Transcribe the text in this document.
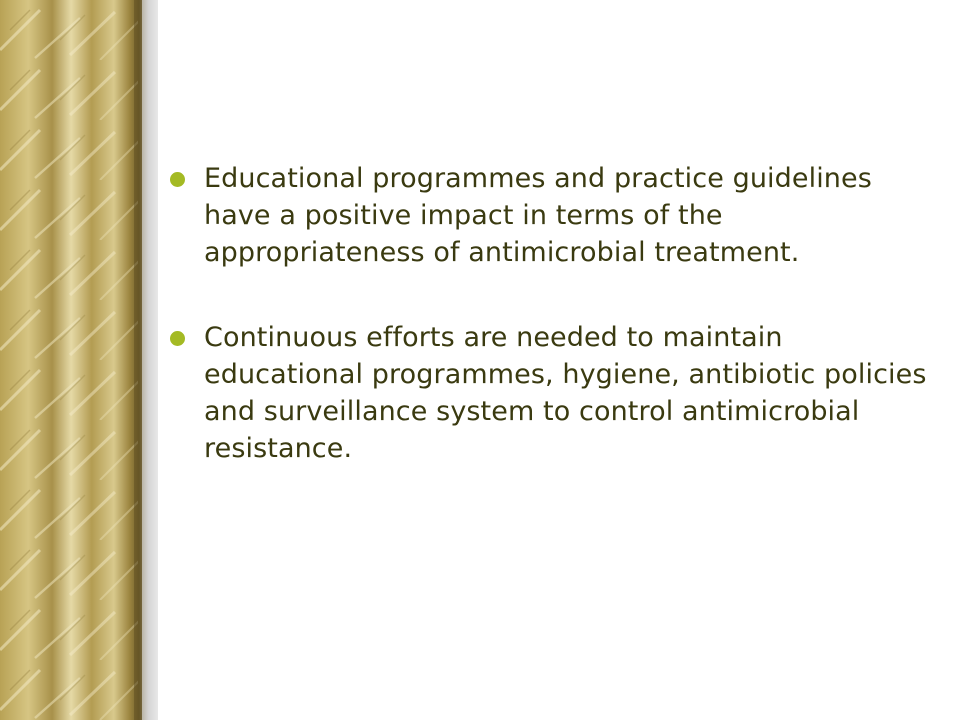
Educational programmes and practice guidelines have a positive impact in terms of the appropriateness of antimicrobial treatment.
Continuous efforts are needed to maintain educational programmes, hygiene, antibiotic policies and surveillance system to control antimicrobial resistance.
